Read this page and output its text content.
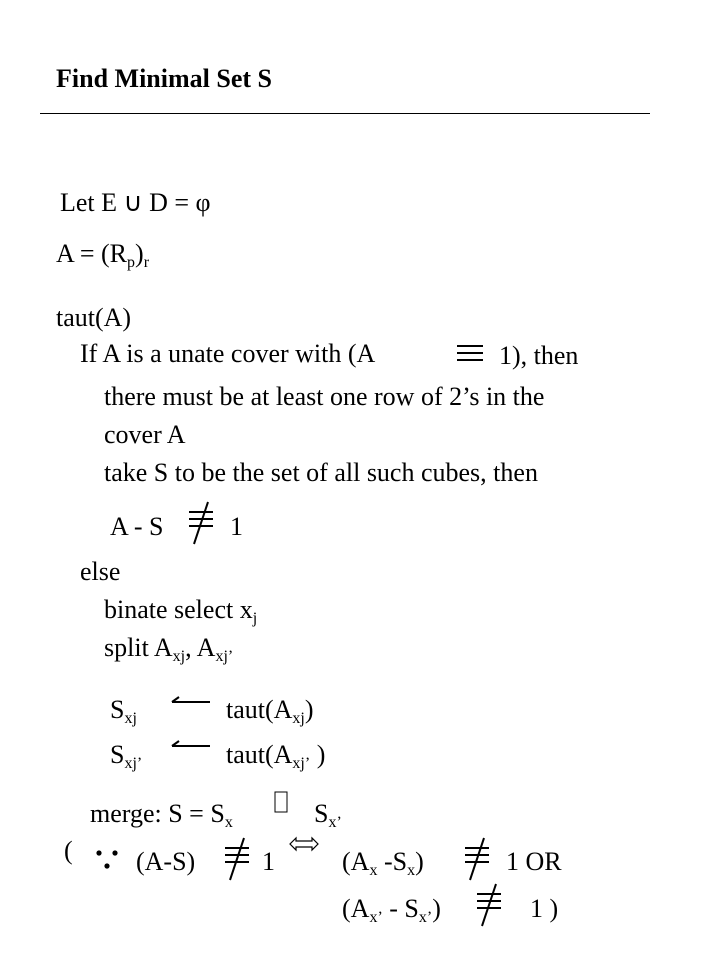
Find Minimal Set S
Let E ∪ D = φ
$A = (R_p)_r$
taut(A)
If A is a unate cover with (A	1), then
there must be at least one row of 2’s in the
cover A
take S to be the set of all such cubes, then
A - S	1
else
binate select $x_j$
split $A_{xj}$, $A_{xj’}$
$S_{xj}$	$taut(A_{xj})$
$S_{xj’}$	$taut(A_{xj’}$ )
merge: $S = S_x$	$S_{x’}$
( (A-S)	1	($A_x$ $-S_x$)	1 OR
$(A_{x’} - S_{x’})$	1 )
